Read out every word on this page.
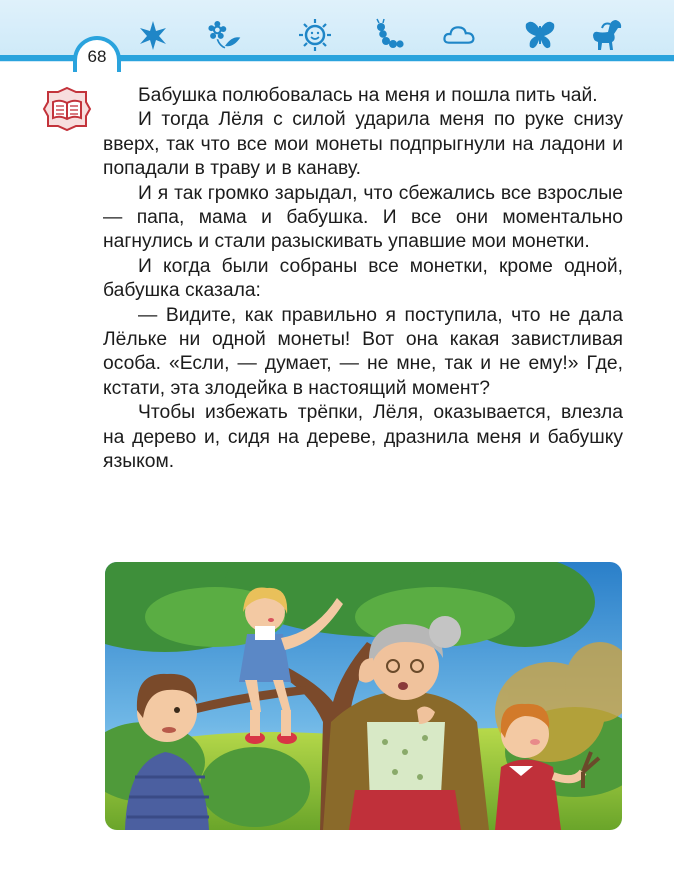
68

Бабушка полюбовалась на меня и пошла пить чай.

И тогда Лёля с силой ударила меня по руке снизу вверх, так что все мои монеты подпрыгнули на ладони и попадали в траву и в канаву.

И я так громко зарыдал, что сбежались все взрослые — папа, мама и бабушка. И все они моментально нагнулись и стали разыскивать упавшие мои монетки.

И когда были собраны все монетки, кроме одной, бабушка сказала:

— Видите, как правильно я поступила, что не дала Лёльке ни одной монеты! Вот она какая завистливая особа. «Если, — думает, — не мне, так и не ему!» Где, кстати, эта злодейка в настоящий момент?

Чтобы избежать трёпки, Лёля, оказывается, влезла на дерево и, сидя на дереве, дразнила меня и бабушку языком.
